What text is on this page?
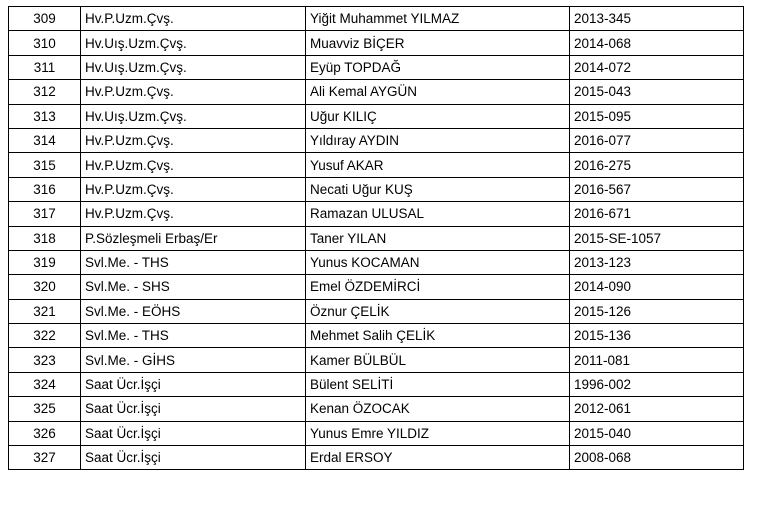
309	Hv.P.Uzm.Çvş.	Yiğit Muhammet YILMAZ	2013-345
310	Hv.Uış.Uzm.Çvş.	Muavviz BİÇER	2014-068
311	Hv.Uış.Uzm.Çvş.	Eyüp TOPDAĞ	2014-072
312	Hv.P.Uzm.Çvş.	Ali Kemal AYGÜN	2015-043
313	Hv.Uış.Uzm.Çvş.	Uğur KILIÇ	2015-095
314	Hv.P.Uzm.Çvş.	Yıldıray AYDIN	2016-077
315	Hv.P.Uzm.Çvş.	Yusuf AKAR	2016-275
316	Hv.P.Uzm.Çvş.	Necati Uğur KUŞ	2016-567
317	Hv.P.Uzm.Çvş.	Ramazan ULUSAL	2016-671
318	P.Sözleşmeli Erbaş/Er	Taner YILAN	2015-SE-1057
319	Svl.Me. - THS	Yunus KOCAMAN	2013-123
320	Svl.Me. - SHS	Emel ÖZDEMİRCİ	2014-090
321	Svl.Me. - EÖHS	Öznur ÇELİK	2015-126
322	Svl.Me. - THS	Mehmet Salih ÇELİK	2015-136
323	Svl.Me. - GİHS	Kamer BÜLBÜL	2011-081
324	Saat Ücr.İşçi	Bülent SELİTİ	1996-002
325	Saat Ücr.İşçi	Kenan ÖZOCAK	2012-061
326	Saat Ücr.İşçi	Yunus Emre YILDIZ	2015-040
327	Saat Ücr.İşçi	Erdal ERSOY	2008-068
